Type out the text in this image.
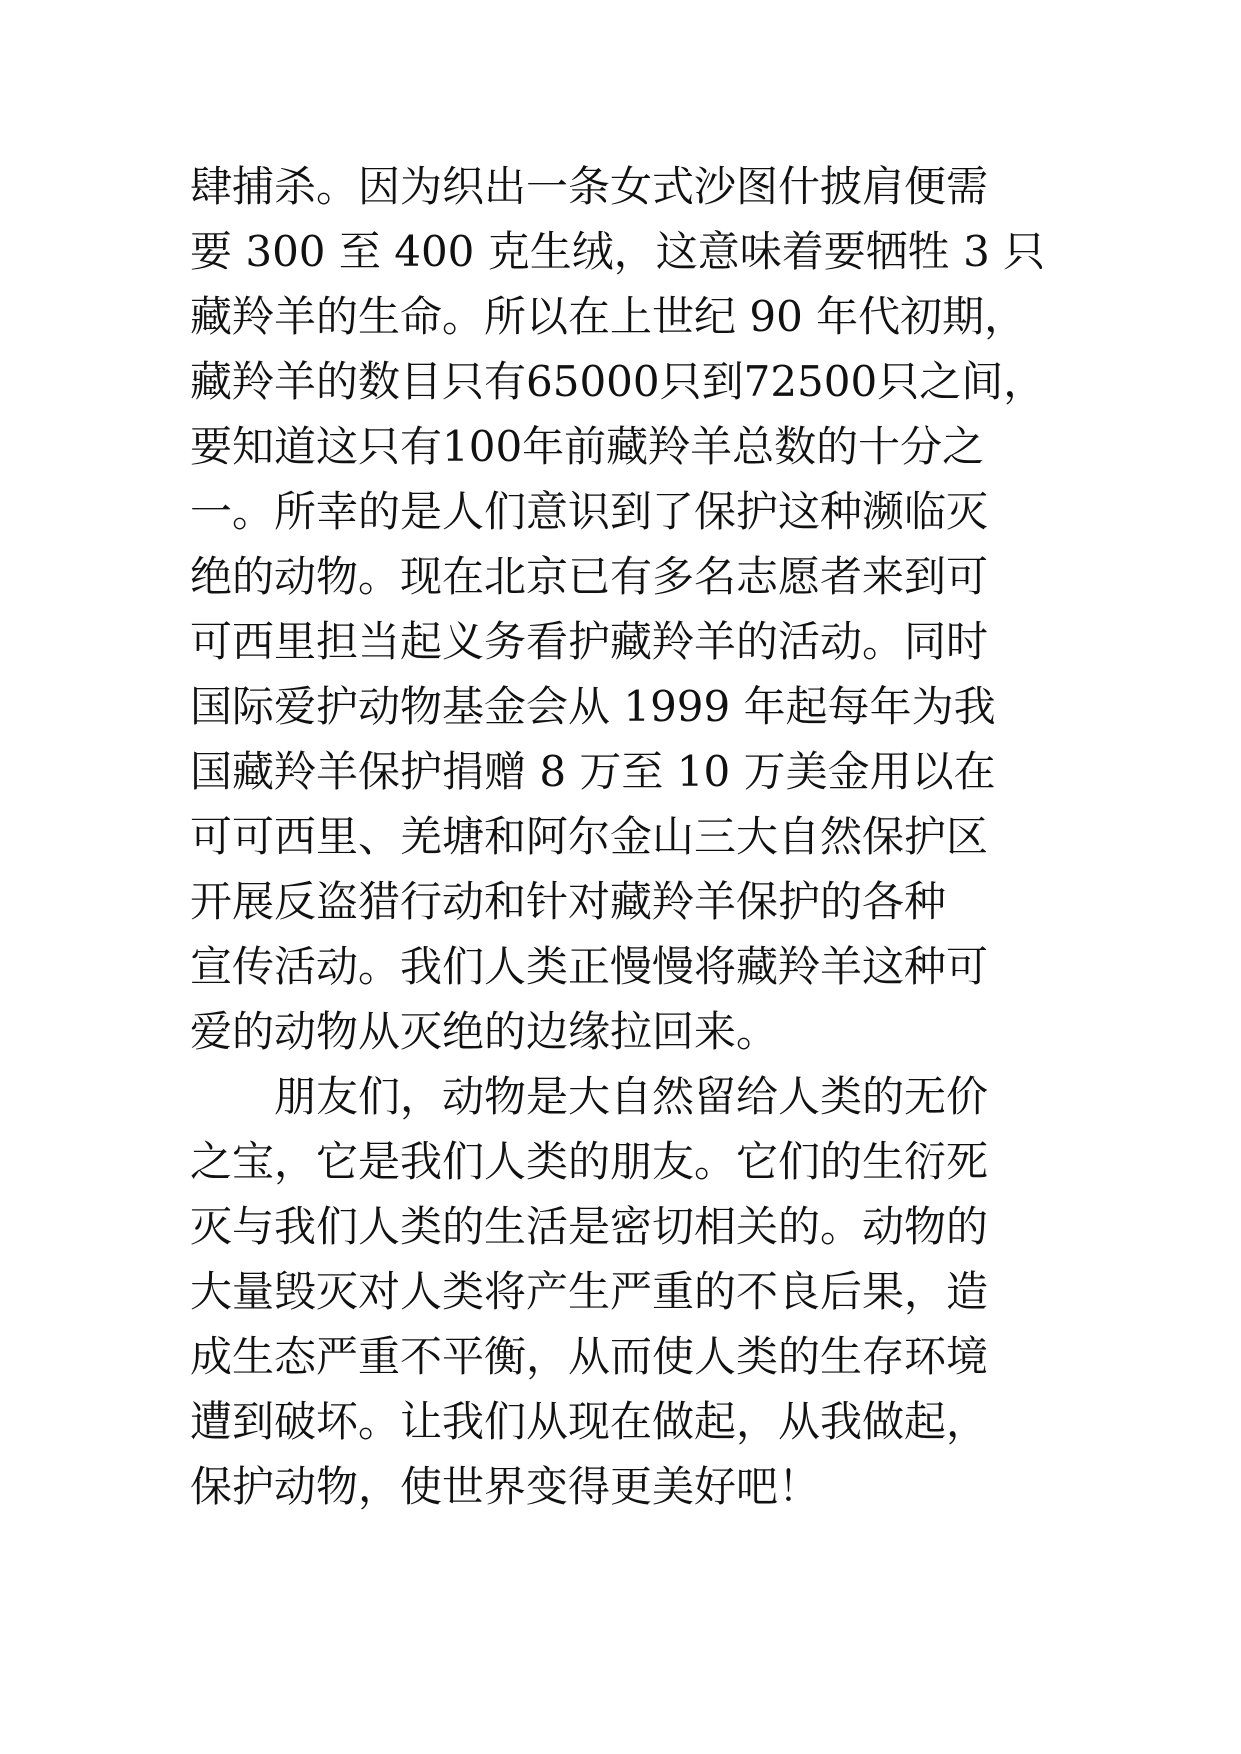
肆捕杀。因为织出一条女式沙图什披肩便需
要 300 至 400 克生绒，这意味着要牺牲 3 只
藏羚羊的生命。所以在上世纪 90 年代初期，
藏羚羊的数目只有65000只到72500只之间，
要知道这只有100年前藏羚羊总数的十分之
一。所幸的是人们意识到了保护这种濒临灭
绝的动物。现在北京已有多名志愿者来到可
可西里担当起义务看护藏羚羊的活动。同时
国际爱护动物基金会从 1999 年起每年为我
国藏羚羊保护捐赠 8 万至 10 万美金用以在
可可西里、羌塘和阿尔金山三大自然保护区
开展反盗猎行动和针对藏羚羊保护的各种
宣传活动。我们人类正慢慢将藏羚羊这种可
爱的动物从灭绝的边缘拉回来。
朋友们，动物是大自然留给人类的无价
之宝，它是我们人类的朋友。它们的生衍死
灭与我们人类的生活是密切相关的。动物的
大量毁灭对人类将产生严重的不良后果，造
成生态严重不平衡，从而使人类的生存环境
遭到破坏。让我们从现在做起，从我做起，
保护动物，使世界变得更美好吧！
